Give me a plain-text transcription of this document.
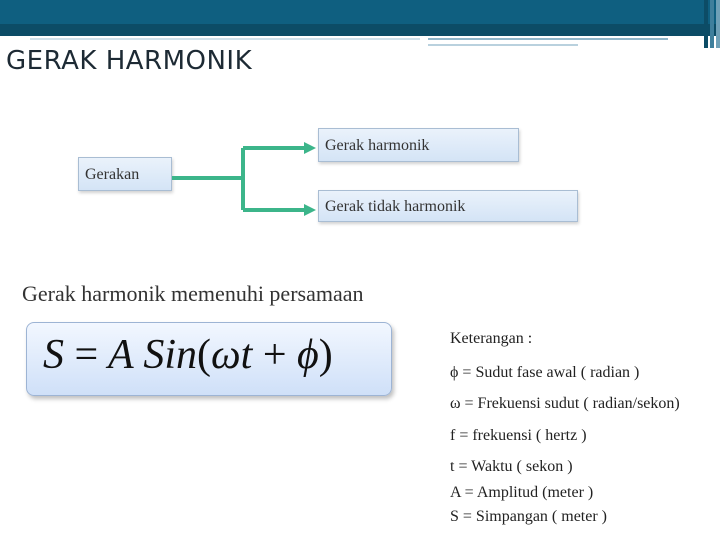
GERAK HARMONIK
Gerakan
Gerak harmonik
Gerak tidak harmonik
Gerak harmonik memenuhi persamaan
S = A Sin(ωt + ϕ)	Keterangan :
ϕ = Sudut fase awal ( radian )
ω = Frekuensi sudut ( radian/sekon)
f = frekuensi ( hertz )
t = Waktu ( sekon )
A = Amplitud (meter )
S = Simpangan ( meter )
